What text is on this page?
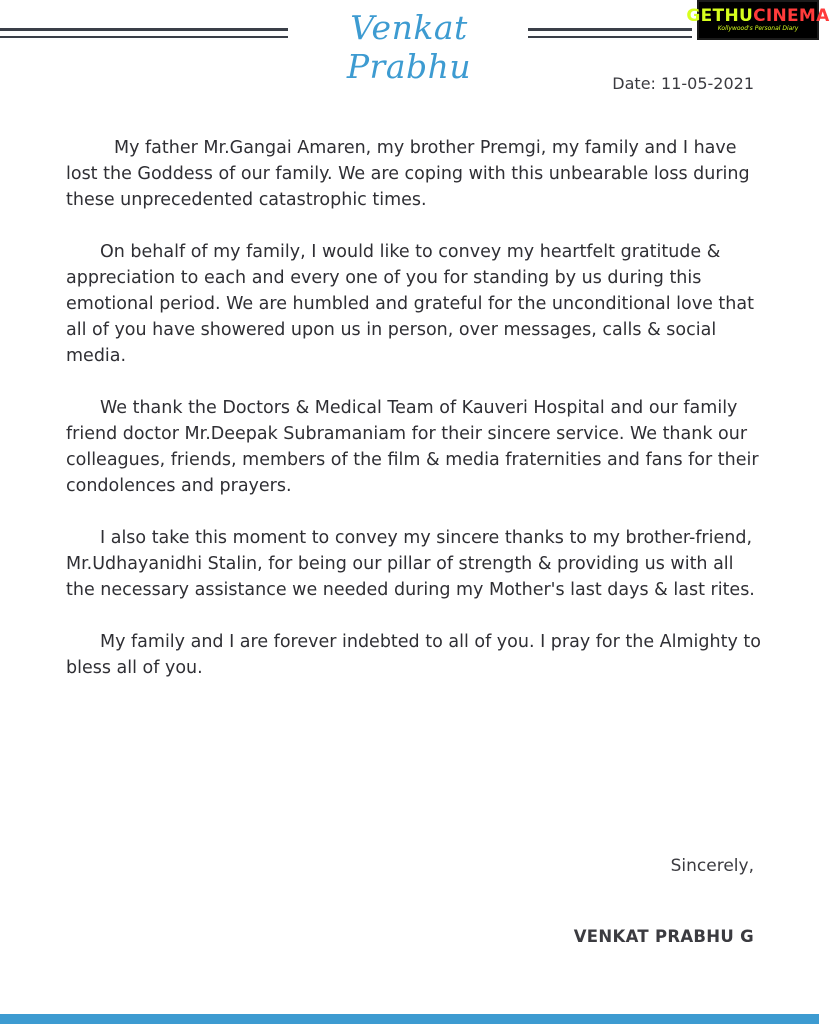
Venkat Prabhu
GETHUCINEMA
Kollywood's Personal Diary
Date: 11-05-2021

My father Mr.Gangai Amaren, my brother Premgi, my family and I have lost the Goddess of our family. We are coping with this unbearable loss during these unprecedented catastrophic times.

On behalf of my family, I would like to convey my heartfelt gratitude & appreciation to each and every one of you for standing by us during this emotional period. We are humbled and grateful for the unconditional love that all of you have showered upon us in person, over messages, calls & social media.

We thank the Doctors & Medical Team of Kauveri Hospital and our family friend doctor Mr.Deepak Subramaniam for their sincere service. We thank our colleagues, friends, members of the film & media fraternities and fans for their condolences and prayers.

I also take this moment to convey my sincere thanks to my brother-friend, Mr.Udhayanidhi Stalin, for being our pillar of strength & providing us with all the necessary assistance we needed during my Mother's last days & last rites.

My family and I are forever indebted to all of you. I pray for the Almighty to bless all of you.

Sincerely,
VENKAT PRABHU G
